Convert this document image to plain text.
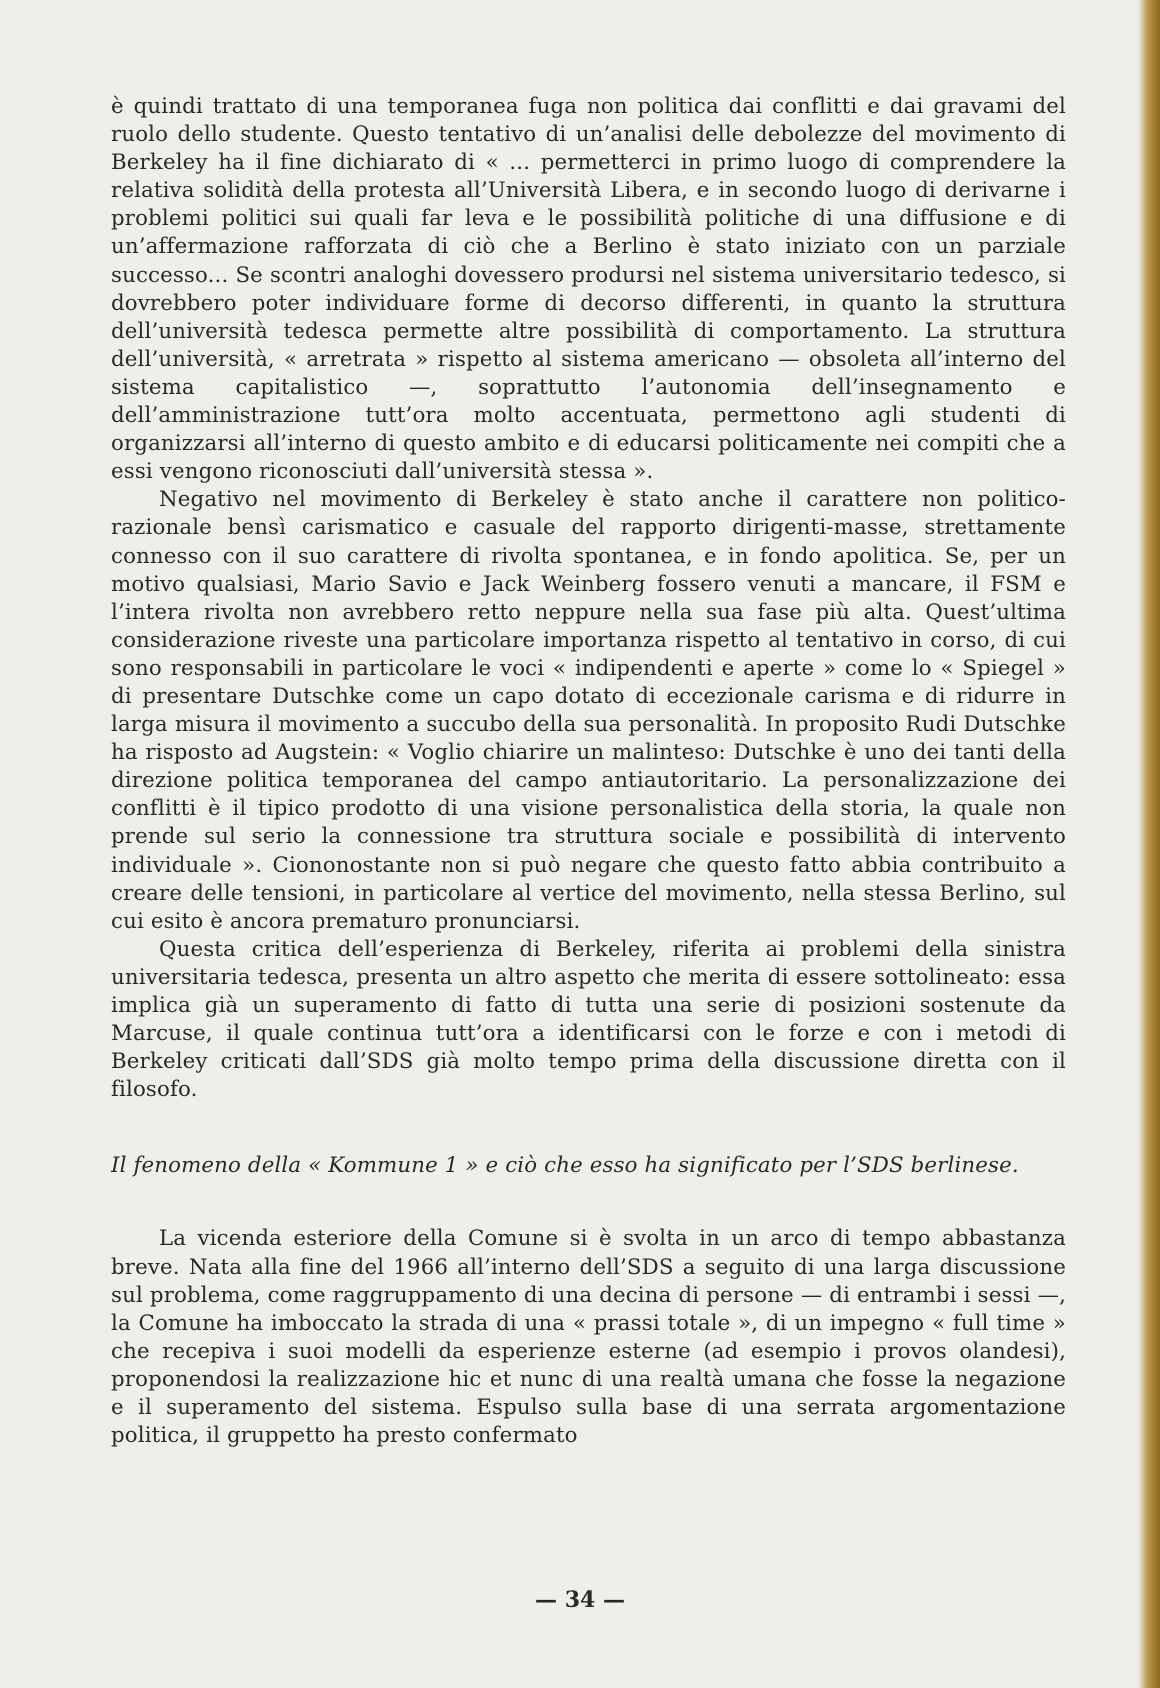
è quindi trattato di una temporanea fuga non politica dai conflitti e dai gravami del ruolo dello studente. Questo tentativo di un’analisi delle debolezze del movimento di Berkeley ha il fine dichiarato di « ... permetterci in primo luogo di comprendere la relativa solidità della protesta all’Università Libera, e in secondo luogo di derivarne i problemi politici sui quali far leva e le possibilità politiche di una diffusione e di un’affermazione rafforzata di ciò che a Berlino è stato iniziato con un parziale successo... Se scontri analoghi dovessero prodursi nel sistema universitario tedesco, si dovrebbero poter individuare forme di decorso differenti, in quanto la struttura dell’università tedesca permette altre possibilità di comportamento. La struttura dell’università, « arretrata » rispetto al sistema americano — obsoleta all’interno del sistema capitalistico —, soprattutto l’autonomia dell’insegnamento e dell’amministrazione tutt’ora molto accentuata, permettono agli studenti di organizzarsi all’interno di questo ambito e di educarsi politicamente nei compiti che a essi vengono riconosciuti dall’università stessa ».

Negativo nel movimento di Berkeley è stato anche il carattere non politico-razionale bensì carismatico e casuale del rapporto dirigenti-masse, strettamente connesso con il suo carattere di rivolta spontanea, e in fondo apolitica. Se, per un motivo qualsiasi, Mario Savio e Jack Weinberg fossero venuti a mancare, il FSM e l’intera rivolta non avrebbero retto neppure nella sua fase più alta. Quest’ultima considerazione riveste una particolare importanza rispetto al tentativo in corso, di cui sono responsabili in particolare le voci « indipendenti e aperte » come lo « Spiegel » di presentare Dutschke come un capo dotato di eccezionale carisma e di ridurre in larga misura il movimento a succubo della sua personalità. In proposito Rudi Dutschke ha risposto ad Augstein: « Voglio chiarire un malinteso: Dutschke è uno dei tanti della direzione politica temporanea del campo antiautoritario. La personalizzazione dei conflitti è il tipico prodotto di una visione personalistica della storia, la quale non prende sul serio la connessione tra struttura sociale e possibilità di intervento individuale ». Ciononostante non si può negare che questo fatto abbia contribuito a creare delle tensioni, in particolare al vertice del movimento, nella stessa Berlino, sul cui esito è ancora prematuro pronunciarsi.

Questa critica dell’esperienza di Berkeley, riferita ai problemi della sinistra universitaria tedesca, presenta un altro aspetto che merita di essere sottolineato: essa implica già un superamento di fatto di tutta una serie di posizioni sostenute da Marcuse, il quale continua tutt’ora a identificarsi con le forze e con i metodi di Berkeley criticati dall’SDS già molto tempo prima della discussione diretta con il filosofo.

Il fenomeno della « Kommune 1 » e ciò che esso ha significato per l’SDS berlinese.

La vicenda esteriore della Comune si è svolta in un arco di tempo abbastanza breve. Nata alla fine del 1966 all’interno dell’SDS a seguito di una larga discussione sul problema, come raggruppamento di una decina di persone — di entrambi i sessi —, la Comune ha imboccato la strada di una « prassi totale », di un impegno « full time » che recepiva i suoi modelli da esperienze esterne (ad esempio i provos olandesi), proponendosi la realizzazione hic et nunc di una realtà umana che fosse la negazione e il superamento del sistema. Espulso sulla base di una serrata argomentazione politica, il gruppetto ha presto confermato

— 34 —
